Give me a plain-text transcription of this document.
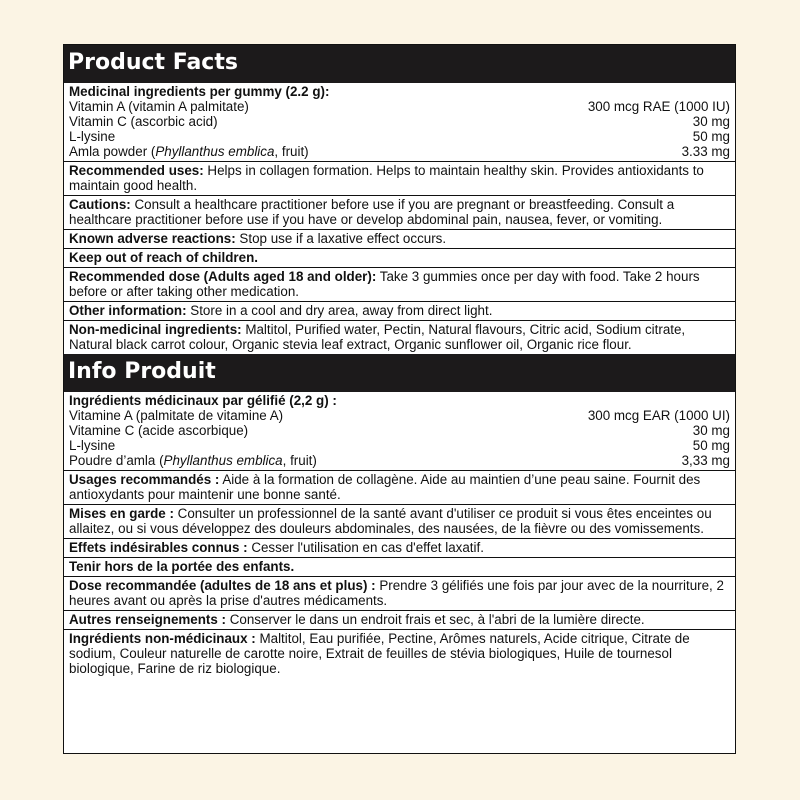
Product Facts
Medicinal ingredients per gummy (2.2 g):
Vitamin A (vitamin A palmitate)	300 mcg RAE (1000 IU)
Vitamin C (ascorbic acid)	30 mg
L-lysine	50 mg
Amla powder (Phyllanthus emblica, fruit)	3.33 mg
Recommended uses: Helps in collagen formation. Helps to maintain healthy skin. Provides antioxidants to maintain good health.
Cautions: Consult a healthcare practitioner before use if you are pregnant or breastfeeding. Consult a healthcare practitioner before use if you have or develop abdominal pain, nausea, fever, or vomiting.
Known adverse reactions: Stop use if a laxative effect occurs.
Keep out of reach of children.
Recommended dose (Adults aged 18 and older): Take 3 gummies once per day with food. Take 2 hours before or after taking other medication.
Other information: Store in a cool and dry area, away from direct light.
Non-medicinal ingredients: Maltitol, Purified water, Pectin, Natural flavours, Citric acid, Sodium citrate, Natural black carrot colour, Organic stevia leaf extract, Organic sunflower oil, Organic rice flour.
Info Produit
Ingrédients médicinaux par gélifié (2,2 g) :
Vitamine A (palmitate de vitamine A)	300 mcg EAR (1000 UI)
Vitamine C (acide ascorbique)	30 mg
L-lysine	50 mg
Poudre d’amla (Phyllanthus emblica, fruit)	3,33 mg
Usages recommandés : Aide à la formation de collagène. Aide au maintien d’une peau saine. Fournit des antioxydants pour maintenir une bonne santé.
Mises en garde : Consulter un professionnel de la santé avant d'utiliser ce produit si vous êtes enceintes ou allaitez, ou si vous développez des douleurs abdominales, des nausées, de la fièvre ou des vomissements.
Effets indésirables connus : Cesser l'utilisation en cas d'effet laxatif.
Tenir hors de la portée des enfants.
Dose recommandée (adultes de 18 ans et plus) : Prendre 3 gélifiés une fois par jour avec de la nourriture, 2 heures avant ou après la prise d'autres médicaments.
Autres renseignements : Conserver le dans un endroit frais et sec, à l'abri de la lumière directe.
Ingrédients non-médicinaux : Maltitol, Eau purifiée, Pectine, Arômes naturels, Acide citrique, Citrate de sodium, Couleur naturelle de carotte noire, Extrait de feuilles de stévia biologiques, Huile de tournesol biologique, Farine de riz biologique.
